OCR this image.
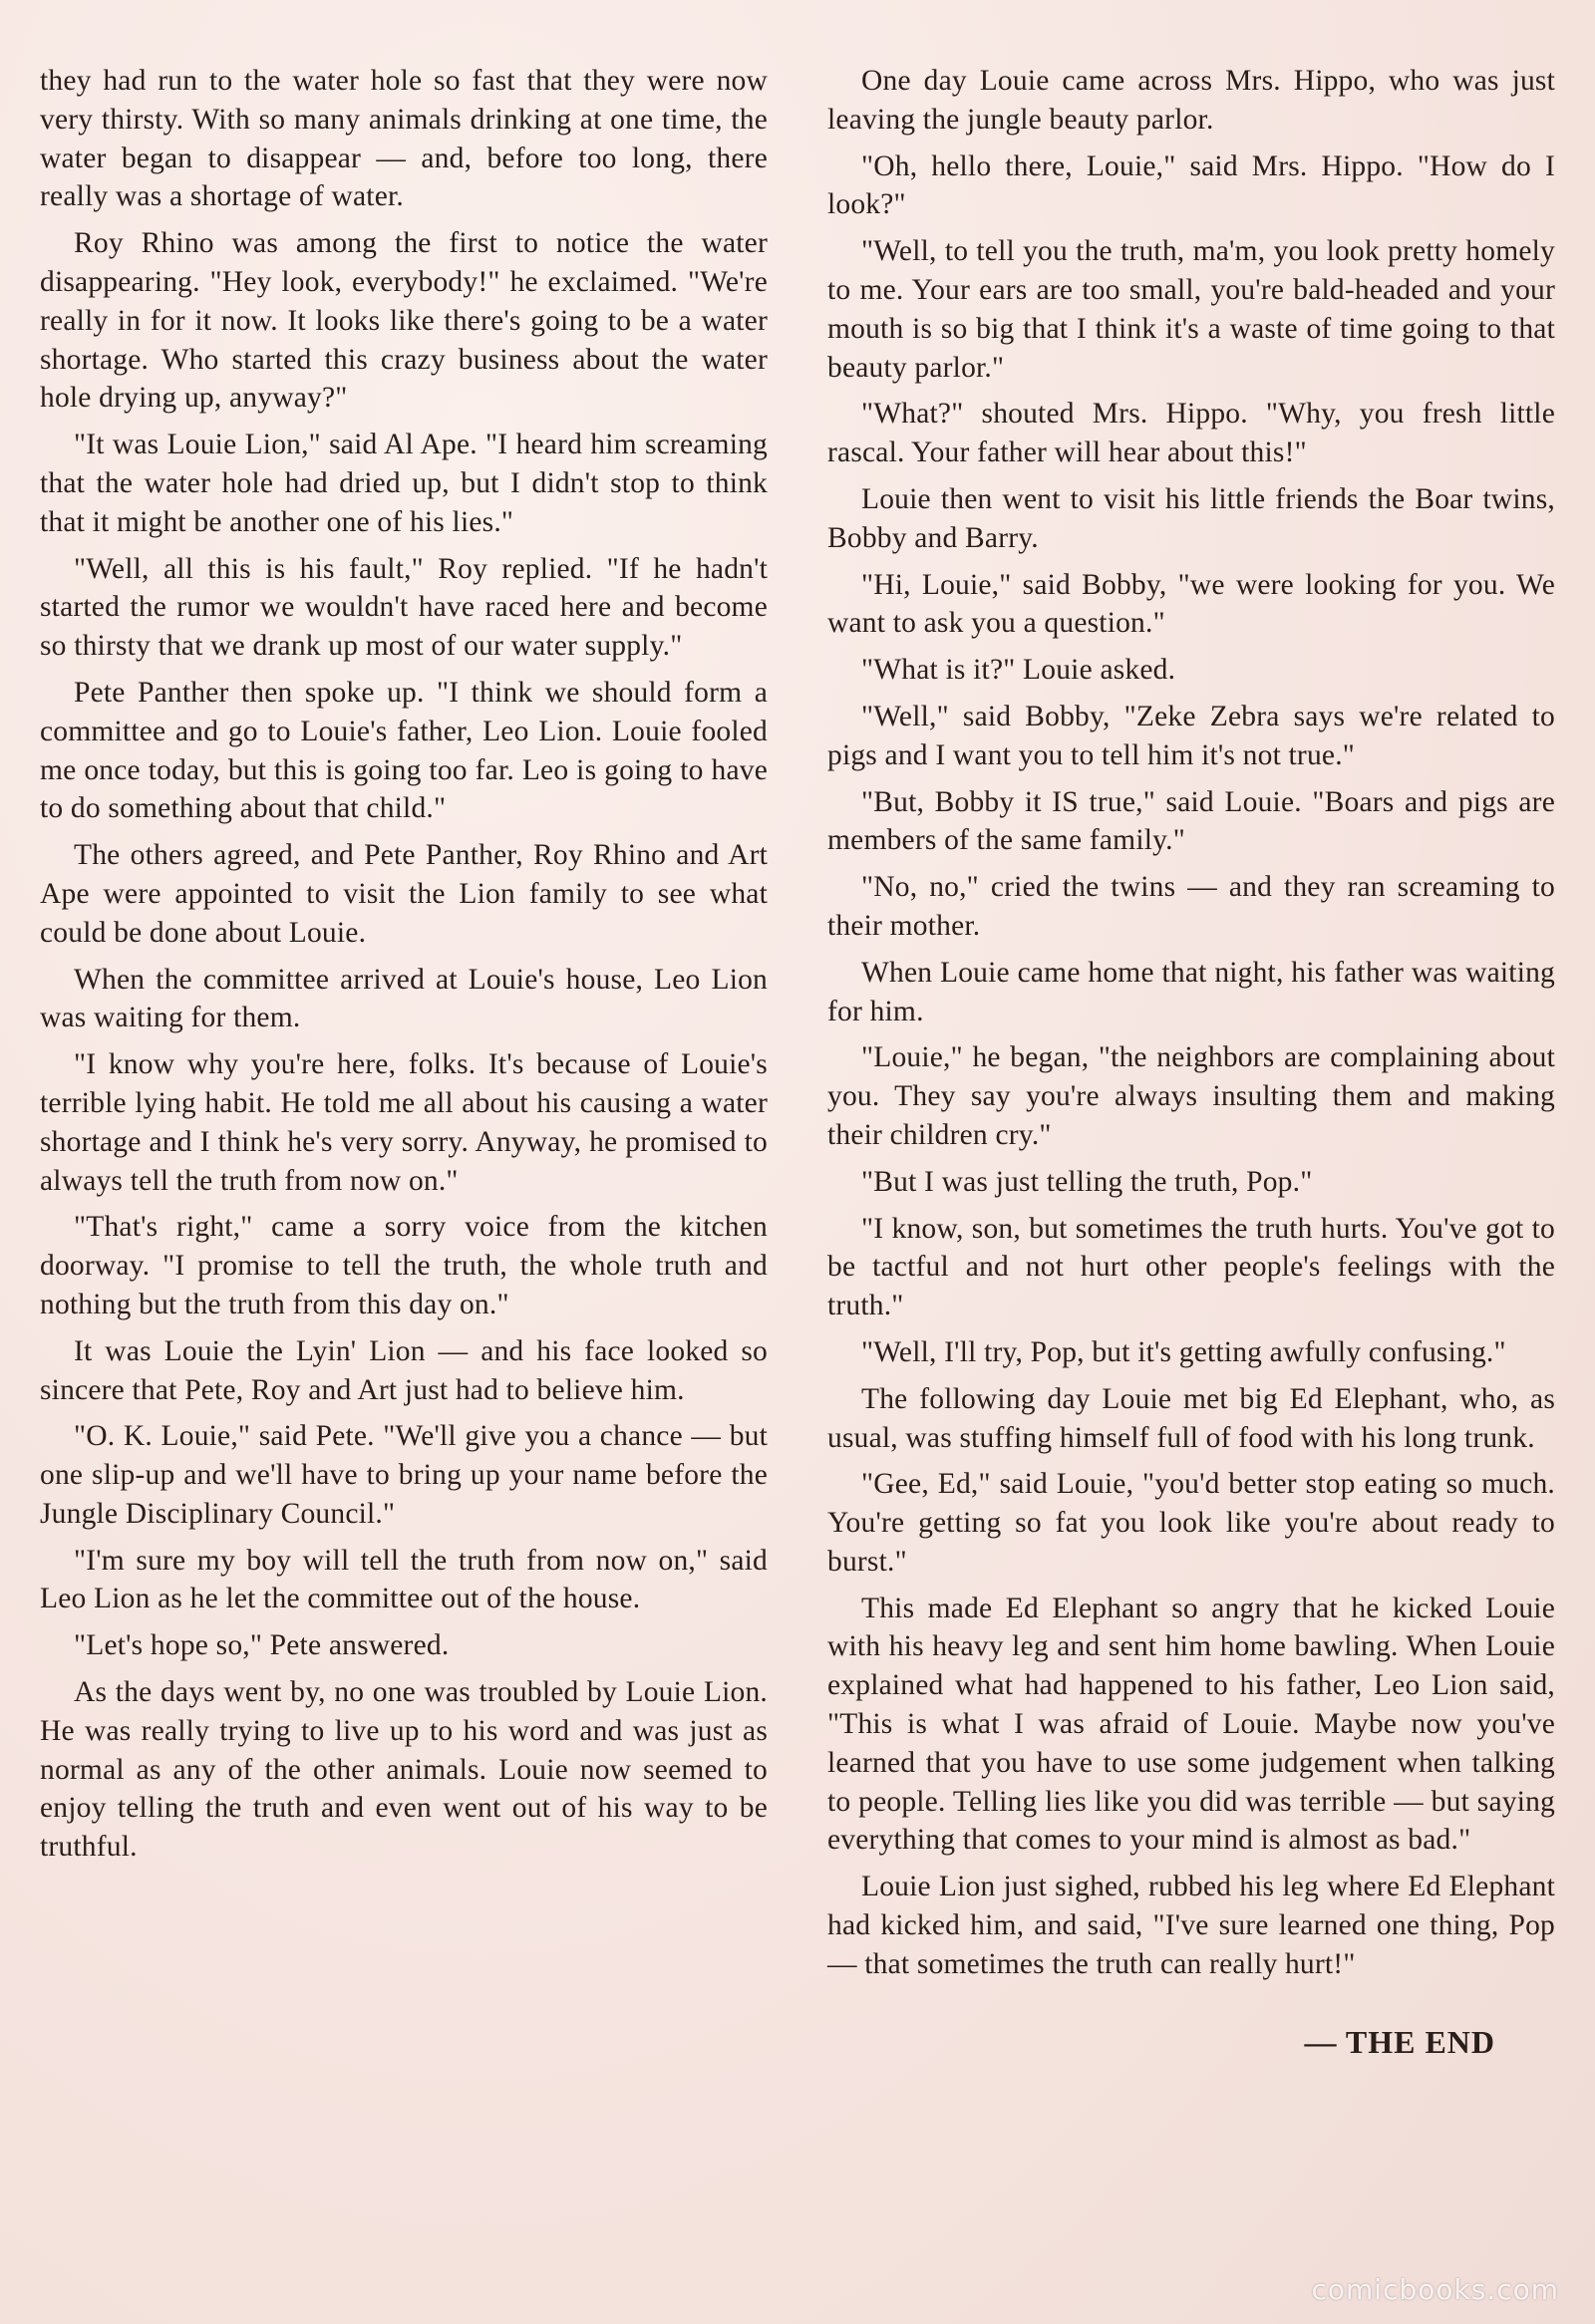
they had run to the water hole so fast that they were now very thirsty. With so many animals drinking at one time, the water began to disappear — and, before too long, there really was a shortage of water.

Roy Rhino was among the first to notice the water disappearing. "Hey look, everybody!" he exclaimed. "We're really in for it now. It looks like there's going to be a water shortage. Who started this crazy business about the water hole drying up, anyway?"

"It was Louie Lion," said Al Ape. "I heard him screaming that the water hole had dried up, but I didn't stop to think that it might be another one of his lies."

"Well, all this is his fault," Roy replied. "If he hadn't started the rumor we wouldn't have raced here and become so thirsty that we drank up most of our water supply."

Pete Panther then spoke up. "I think we should form a committee and go to Louie's father, Leo Lion. Louie fooled me once today, but this is going too far. Leo is going to have to do something about that child."

The others agreed, and Pete Panther, Roy Rhino and Art Ape were appointed to visit the Lion family to see what could be done about Louie.

When the committee arrived at Louie's house, Leo Lion was waiting for them.

"I know why you're here, folks. It's because of Louie's terrible lying habit. He told me all about his causing a water shortage and I think he's very sorry. Anyway, he promised to always tell the truth from now on."

"That's right," came a sorry voice from the kitchen doorway. "I promise to tell the truth, the whole truth and nothing but the truth from this day on."

It was Louie the Lyin' Lion — and his face looked so sincere that Pete, Roy and Art just had to believe him.

"O. K. Louie," said Pete. "We'll give you a chance — but one slip-up and we'll have to bring up your name before the Jungle Disciplinary Council."

"I'm sure my boy will tell the truth from now on," said Leo Lion as he let the committee out of the house.

"Let's hope so," Pete answered.

As the days went by, no one was troubled by Louie Lion. He was really trying to live up to his word and was just as normal as any of the other animals. Louie now seemed to enjoy telling the truth and even went out of his way to be truthful.

One day Louie came across Mrs. Hippo, who was just leaving the jungle beauty parlor.

"Oh, hello there, Louie," said Mrs. Hippo. "How do I look?"

"Well, to tell you the truth, ma'm, you look pretty homely to me. Your ears are too small, you're bald-headed and your mouth is so big that I think it's a waste of time going to that beauty parlor."

"What?" shouted Mrs. Hippo. "Why, you fresh little rascal. Your father will hear about this!"

Louie then went to visit his little friends the Boar twins, Bobby and Barry.

"Hi, Louie," said Bobby, "we were looking for you. We want to ask you a question."

"What is it?" Louie asked.

"Well," said Bobby, "Zeke Zebra says we're related to pigs and I want you to tell him it's not true."

"But, Bobby it IS true," said Louie. "Boars and pigs are members of the same family."

"No, no," cried the twins — and they ran screaming to their mother.

When Louie came home that night, his father was waiting for him.

"Louie," he began, "the neighbors are complaining about you. They say you're always insulting them and making their children cry."

"But I was just telling the truth, Pop."

"I know, son, but sometimes the truth hurts. You've got to be tactful and not hurt other people's feelings with the truth."

"Well, I'll try, Pop, but it's getting awfully confusing."

The following day Louie met big Ed Elephant, who, as usual, was stuffing himself full of food with his long trunk.

"Gee, Ed," said Louie, "you'd better stop eating so much. You're getting so fat you look like you're about ready to burst."

This made Ed Elephant so angry that he kicked Louie with his heavy leg and sent him home bawling. When Louie explained what had happened to his father, Leo Lion said, "This is what I was afraid of Louie. Maybe now you've learned that you have to use some judgement when talking to people. Telling lies like you did was terrible — but saying everything that comes to your mind is almost as bad."

Louie Lion just sighed, rubbed his leg where Ed Elephant had kicked him, and said, "I've sure learned one thing, Pop — that sometimes the truth can really hurt!"

— THE END
comicbooks.com
